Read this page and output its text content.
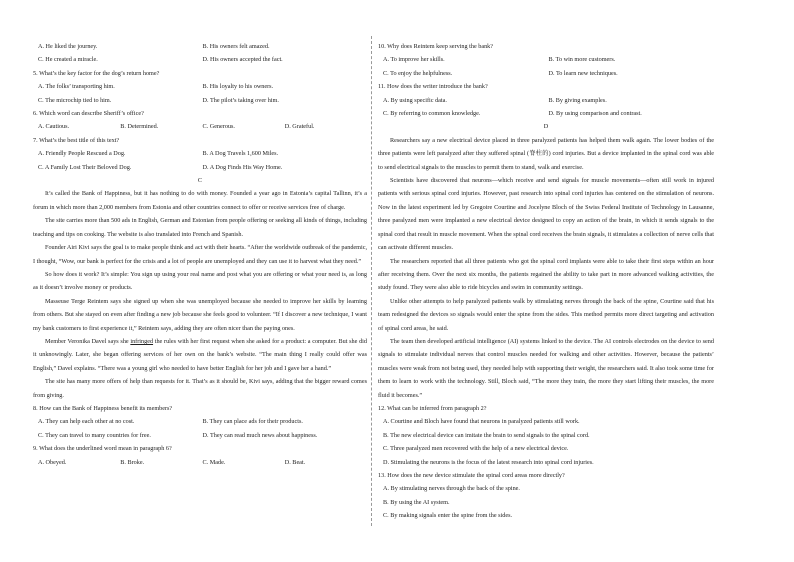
A. He liked the journey.	B. His owners felt amazed.
C. He created a miracle.	D. His owners accepted the fact.
5. What’s the key factor for the dog’s return home?
A. The folks’ transporting him.	B. His loyalty to his owners.
C. The microchip tied to him.	D. The pilot’s taking over him.
6. Which word can describe Sheriff’s office?
A. Cautious.	B. Determined.	C. Generous.	D. Grateful.
7. What’s the best title of this text?
A. Friendly People Rescued a Dog.	B. A Dog Travels 1,600 Miles.
C. A Family Lost Their Beloved Dog.	D. A Dog Finds His Way Home.
C

It’s called the Bank of Happiness, but it has nothing to do with money. Founded a year ago in Estonia’s capital Tallinn, it’s a forum in which more than 2,000 members from Estonia and other countries connect to offer or receive services free of charge.

The site carries more than 500 ads in English, German and Estonian from people offering or seeking all kinds of things, including teaching and tips on cooking. The website is also translated into French and Spanish.

Founder Airi Kivi says the goal is to make people think and act with their hearts. “After the worldwide outbreak of the pandemic, I thought, “Wow, our bank is perfect for the crisis and a lot of people are unemployed and they can use it to harvest what they need.”

So how does it work? It’s simple: You sign up using your real name and post what you are offering or what your need is, as long as it doesn’t involve money or products.

Masseuse Terge Reintem says she signed up when she was unemployed because she needed to improve her skills by learning from others. But she stayed on even after finding a new job because she feels good to volunteer. “If I discover a new technique, I want my bank customers to first experience it,” Reintem says, adding they are often nicer than the paying ones.

Member Veronika Davel says she infringed the rules with her first request when she asked for a product: a computer. But she did it unknowingly. Later, she began offering services of her own on the bank’s website. “The main thing I really could offer was English,” Davel explains. “There was a young girl who needed to have better English for her job and I gave her a hand.”

The site has many more offers of help than requests for it. That’s as it should be, Kivi says, adding that the bigger reward comes from giving.

8. How can the Bank of Happiness benefit its members?
A. They can help each other at no cost.	B. They can place ads for their products.
C. They can travel to many countries for free.	D. They can read much news about happiness.
9. What does the underlined word mean in paragraph 6?
A. Obeyed.	B. Broke.	C. Made.	D. Beat.
10. Why does Reintem keep serving the bank?
A. To improve her skills.	B. To win more customers.
C. To enjoy the helpfulness.	D. To learn new techniques.
11. How does the writer introduce the bank?
A. By using specific data.	B. By giving examples.
C. By referring to common knowledge.	D. By using comparison and contrast.
D

Researchers say a new electrical device placed in three paralyzed patients has helped them walk again. The lower bodies of the three patients were left paralyzed after they suffered spinal (脊柱的) cord injuries. But a device implanted in the spinal cord was able to send electrical signals to the muscles to permit them to stand, walk and exercise.

Scientists have discovered that neurons—which receive and send signals for muscle movements—often still work in injured patients with serious spinal cord injuries. However, past research into spinal cord injuries has centered on the stimulation of neurons. Now in the latest experiment led by Gregoire Courtine and Jocelyne Bloch of the Swiss Federal Institute of Technology in Lausanne, three paralyzed men were implanted a new electrical device designed to copy an action of the brain, in which it sends signals to the spinal cord that result in muscle movement. When the spinal cord receives the brain signals, it stimulates a collection of nerve cells that can activate different muscles.

The researchers reported that all three patients who got the spinal cord implants were able to take their first steps within an hour after receiving them. Over the next six months, the patients regained the ability to take part in more advanced walking activities, the study found. They were also able to ride bicycles and swim in community settings.

Unlike other attempts to help paralyzed patients walk by stimulating nerves through the back of the spine, Courtine said that his team redesigned the devices so signals would enter the spine from the sides. This method permits more direct targeting and activation of spinal cord areas, he said.

The team then developed artificial intelligence (AI) systems linked to the device. The AI controls electrodes on the device to send signals to stimulate individual nerves that control muscles needed for walking and other activities. However, because the patients’ muscles were weak from not being used, they needed help with supporting their weight, the researchers said. It also took some time for them to learn to work with the technology. Still, Bloch said, “The more they train, the more they start lifting their muscles, the more fluid it becomes.”

12. What can be inferred from paragraph 2?
A. Courtine and Bloch have found that neurons in paralyzed patients still work.
B. The new electrical device can imitate the brain to send signals to the spinal cord.
C. Three paralyzed men recovered with the help of a new electrical device.
D. Stimulating the neurons is the focus of the latest research into spinal cord injuries.
13. How does the new device stimulate the spinal cord areas more directly?
A. By stimulating nerves through the back of the spine.
B. By using the AI system.
C. By making signals enter the spine from the sides.
